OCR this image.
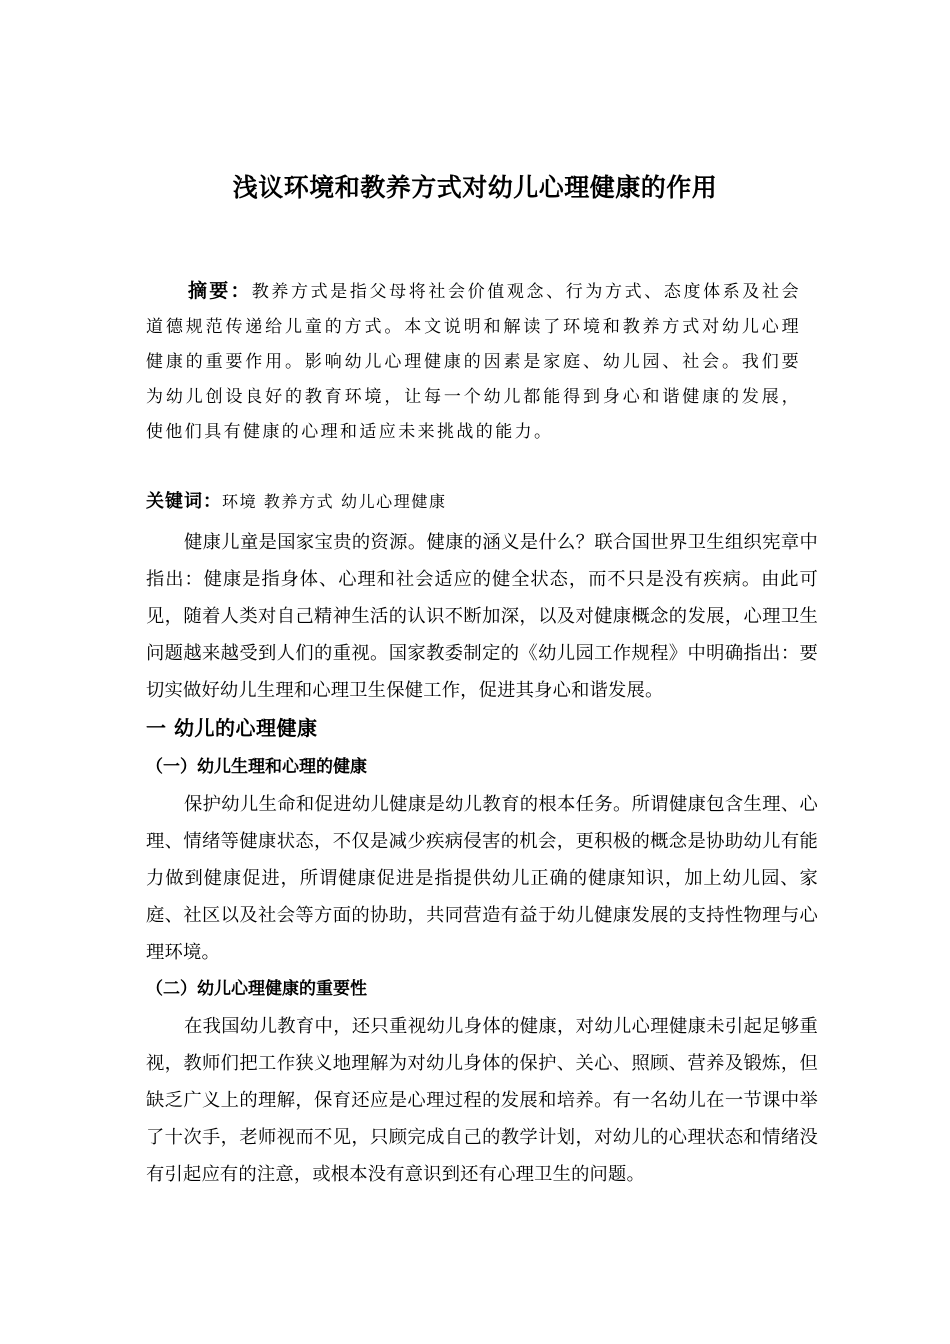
浅议环境和教养方式对幼儿心理健康的作用
摘要：教养方式是指父母将社会价值观念、行为方式、态度体系及社会道德规范传递给儿童的方式。本文说明和解读了环境和教养方式对幼儿心理健康的重要作用。影响幼儿心理健康的因素是家庭、幼儿园、社会。我们要为幼儿创设良好的教育环境，让每一个幼儿都能得到身心和谐健康的发展，使他们具有健康的心理和适应未来挑战的能力。
关键词：环境 教养方式 幼儿心理健康

健康儿童是国家宝贵的资源。健康的涵义是什么？联合国世界卫生组织宪章中指出：健康是指身体、心理和社会适应的健全状态，而不只是没有疾病。由此可见，随着人类对自己精神生活的认识不断加深，以及对健康概念的发展，心理卫生问题越来越受到人们的重视。国家教委制定的《幼儿园工作规程》中明确指出：要切实做好幼儿生理和心理卫生保健工作，促进其身心和谐发展。

一 幼儿的心理健康
（一）幼儿生理和心理的健康

保护幼儿生命和促进幼儿健康是幼儿教育的根本任务。所谓健康包含生理、心理、情绪等健康状态，不仅是减少疾病侵害的机会，更积极的概念是协助幼儿有能力做到健康促进，所谓健康促进是指提供幼儿正确的健康知识，加上幼儿园、家庭、社区以及社会等方面的协助，共同营造有益于幼儿健康发展的支持性物理与心理环境。

（二）幼儿心理健康的重要性

在我国幼儿教育中，还只重视幼儿身体的健康，对幼儿心理健康未引起足够重视，教师们把工作狭义地理解为对幼儿身体的保护、关心、照顾、营养及锻炼，但缺乏广义上的理解，保育还应是心理过程的发展和培养。有一名幼儿在一节课中举了十次手，老师视而不见，只顾完成自己的教学计划，对幼儿的心理状态和情绪没有引起应有的注意，或根本没有意识到还有心理卫生的问题。
